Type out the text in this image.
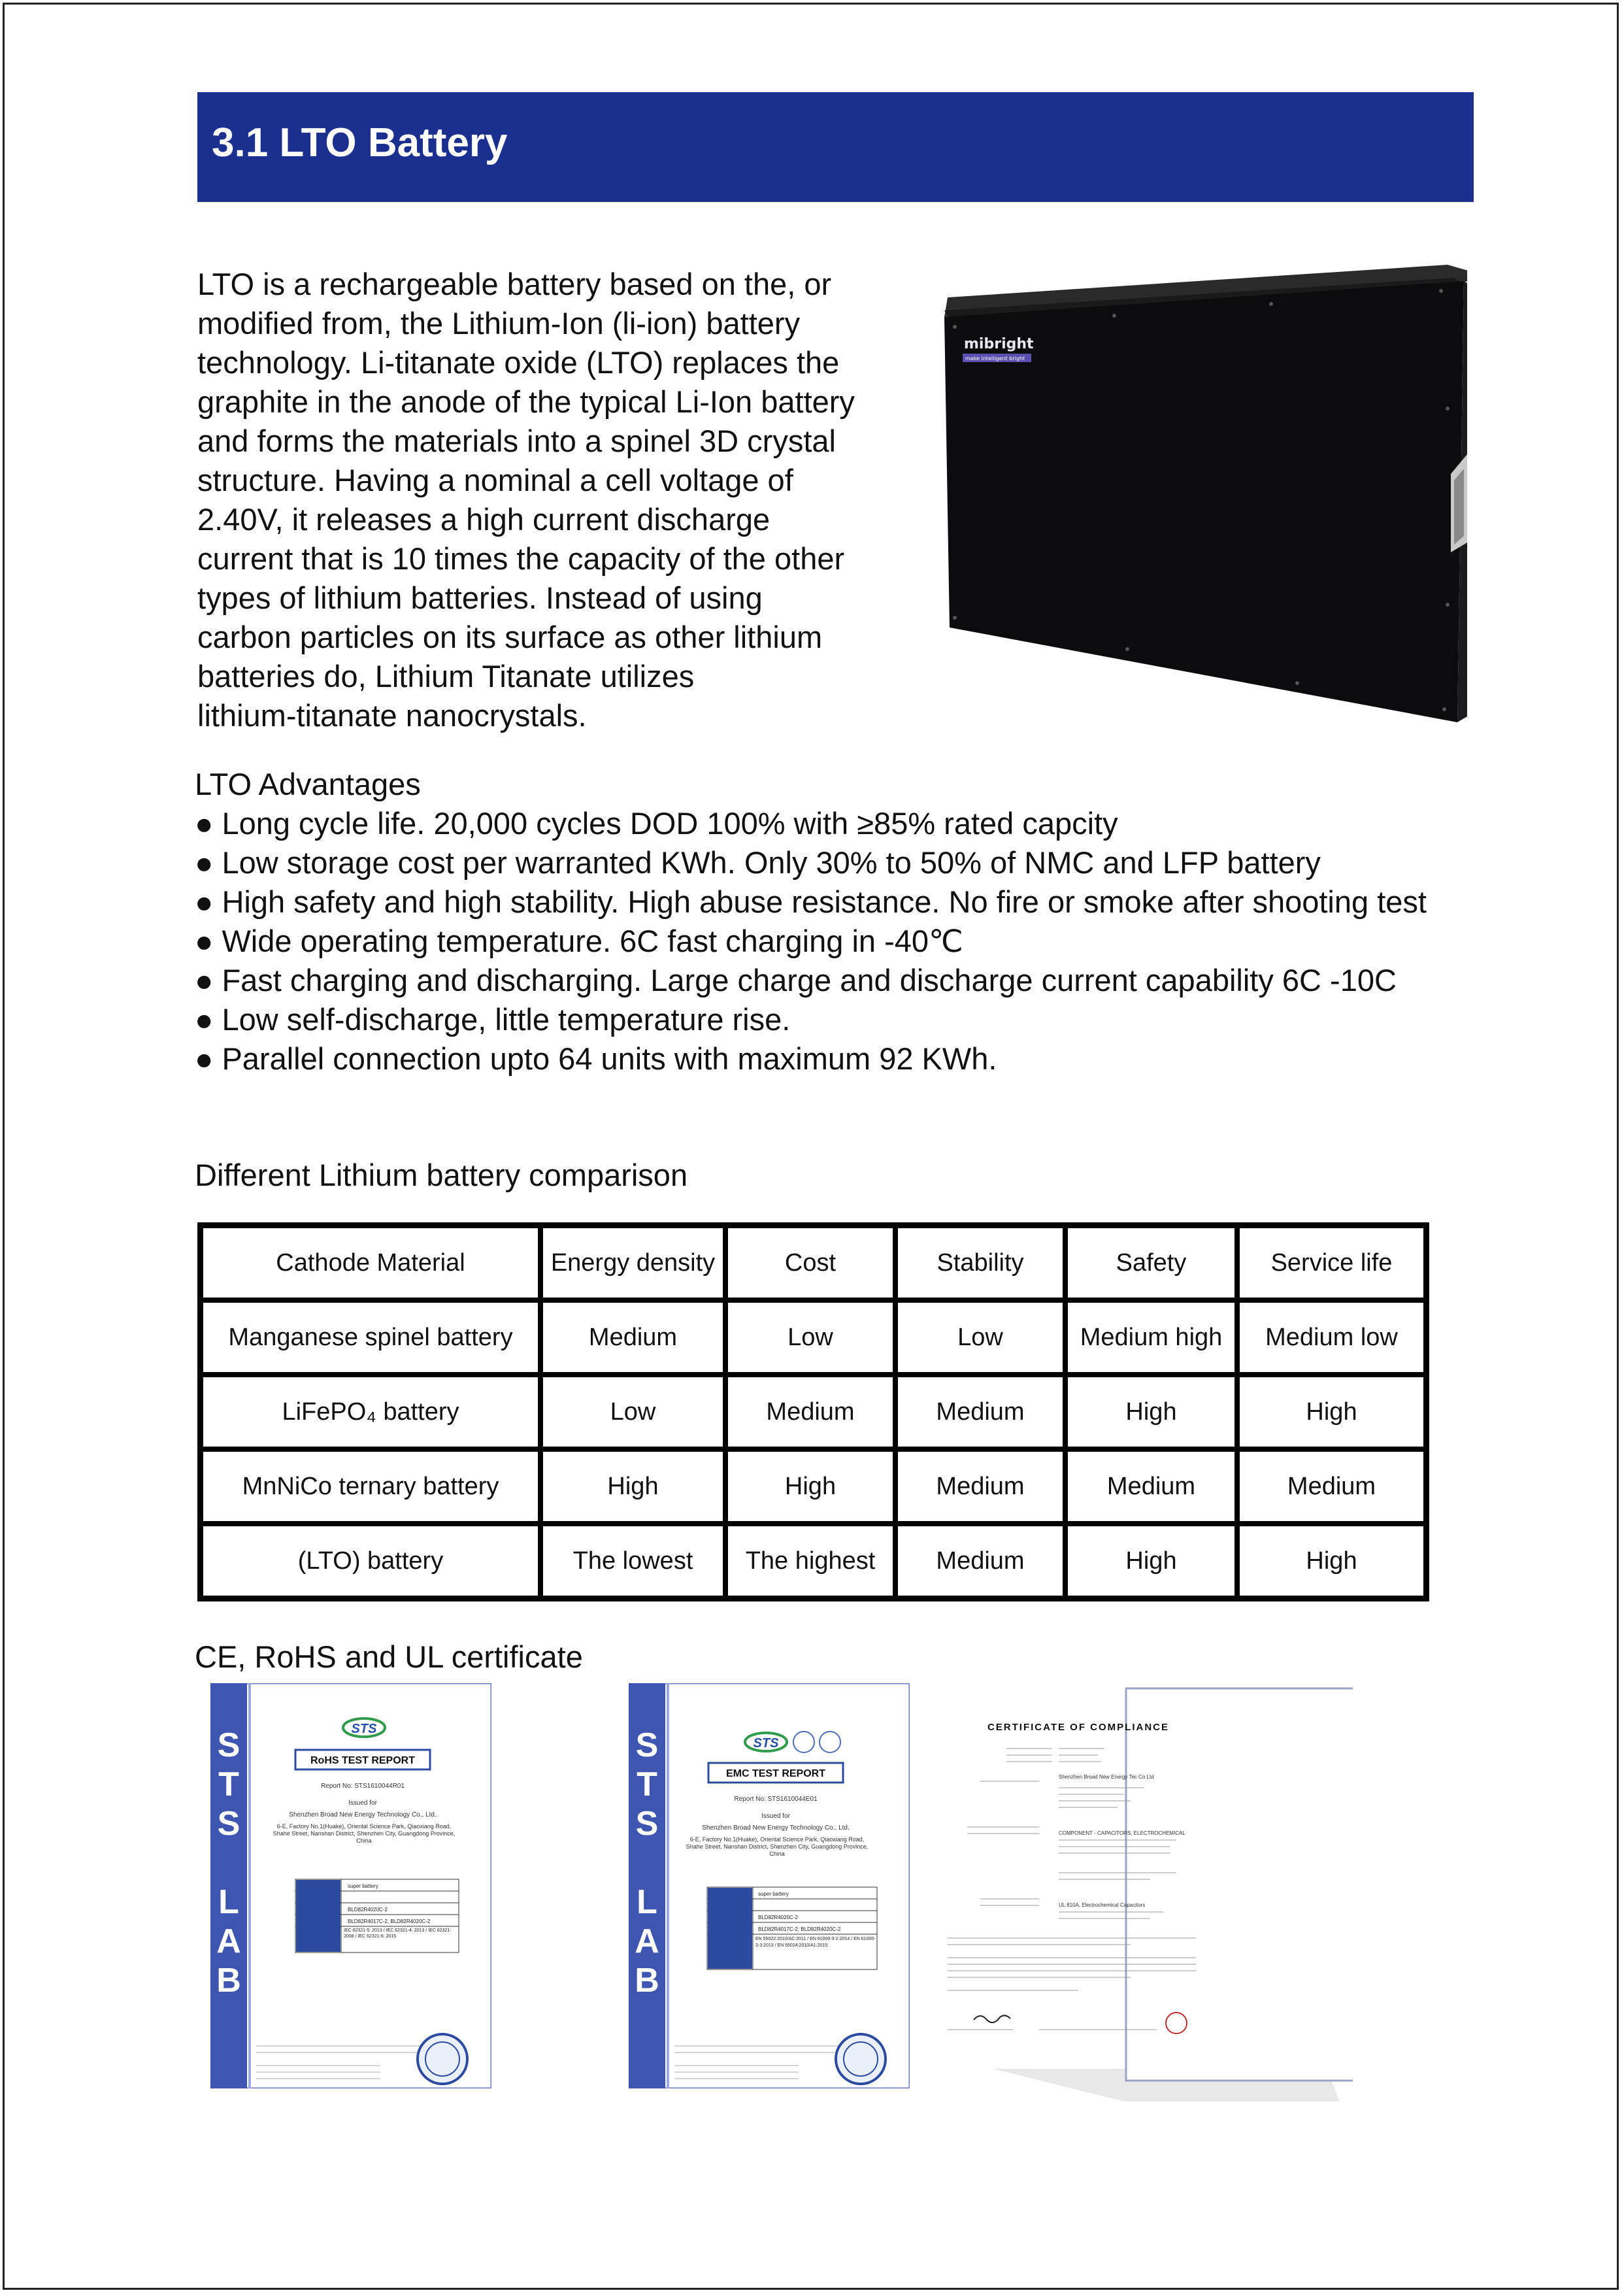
3.1 LTO Battery
LTO is a rechargeable battery based on the, or
modified from, the Lithium-Ion (li-ion) battery
technology. Li-titanate oxide (LTO) replaces the
graphite in the anode of the typical Li-Ion battery
and forms the materials into a spinel 3D crystal
structure. Having a nominal a cell voltage of
2.40V, it releases a high current discharge
current that is 10 times the capacity of the other
types of lithium batteries. Instead of using
carbon particles on its surface as other lithium
batteries do, Lithium Titanate utilizes
lithium-titanate nanocrystals.
mibright
make intelligent bright
LTO Advantages
● Long cycle life. 20,000 cycles DOD 100% with ≥85% rated capcity
● Low storage cost per warranted KWh. Only 30% to 50% of NMC and LFP battery
● High safety and high stability. High abuse resistance. No fire or smoke after shooting test
● Wide operating temperature. 6C fast charging in -40℃
● Fast charging and discharging. Large charge and discharge current capability 6C -10C
● Low self-discharge, little temperature rise.
● Parallel connection upto 64 units with maximum 92 KWh.
Different Lithium battery comparison
Cathode Material	Energy density	Cost	Stability	Safety	Service life
Manganese spinel battery	Medium	Low	Low	Medium high	Medium low
LiFePO₄ battery	Low	Medium	Medium	High	High
MnNiCo ternary battery	High	High	Medium	Medium	Medium
(LTO) battery	The lowest	The highest	Medium	High	High
CE, RoHS and UL certificate
S
T
S
L
A
B
STS
RoHS TEST REPORT
Report No: STS1610044R01
Issued for
Shenzhen Broad New Energy Technology Co., Ltd.
6-E, Factory No.1(Huake), Oriental Science Park, Qiaoxiang Road, Shahe Street, Nanshan District, Shenzhen City, Guangdong Province, China
super battery
BLD82R4020C-2
BLD82R4017C-2, BLD82R4020C-2
IEC 62321-5: 2013 / IEC 62321-4: 2013 / IEC 62321: 2008 / IEC 62321-6: 2015
S
T
S
L
A
B
STS
EMC TEST REPORT
Report No: STS1610044E01
Issued for
Shenzhen Broad New Energy Technology Co., Ltd.
6-E, Factory No.1(Huake), Oriental Science Park, Qiaoxiang Road, Shahe Street, Nanshan District, Shenzhen City, Guangdong Province, China
super battery
BLD82R4020C-2
BLD82R4017C-2, BLD82R4020C-2
EN 55022:2010/AC:2011 / EN 61000-3-2:2014 / EN 61000-3-3:2013 / EN 55024:2010/A1:2015
CERTIFICATE OF COMPLIANCE
Shenzhen Broad New Energy Tec Co Ltd
COMPONENT - CAPACITORS, ELECTROCHEMICAL
UL 810A, Electrochemical Capacitors
